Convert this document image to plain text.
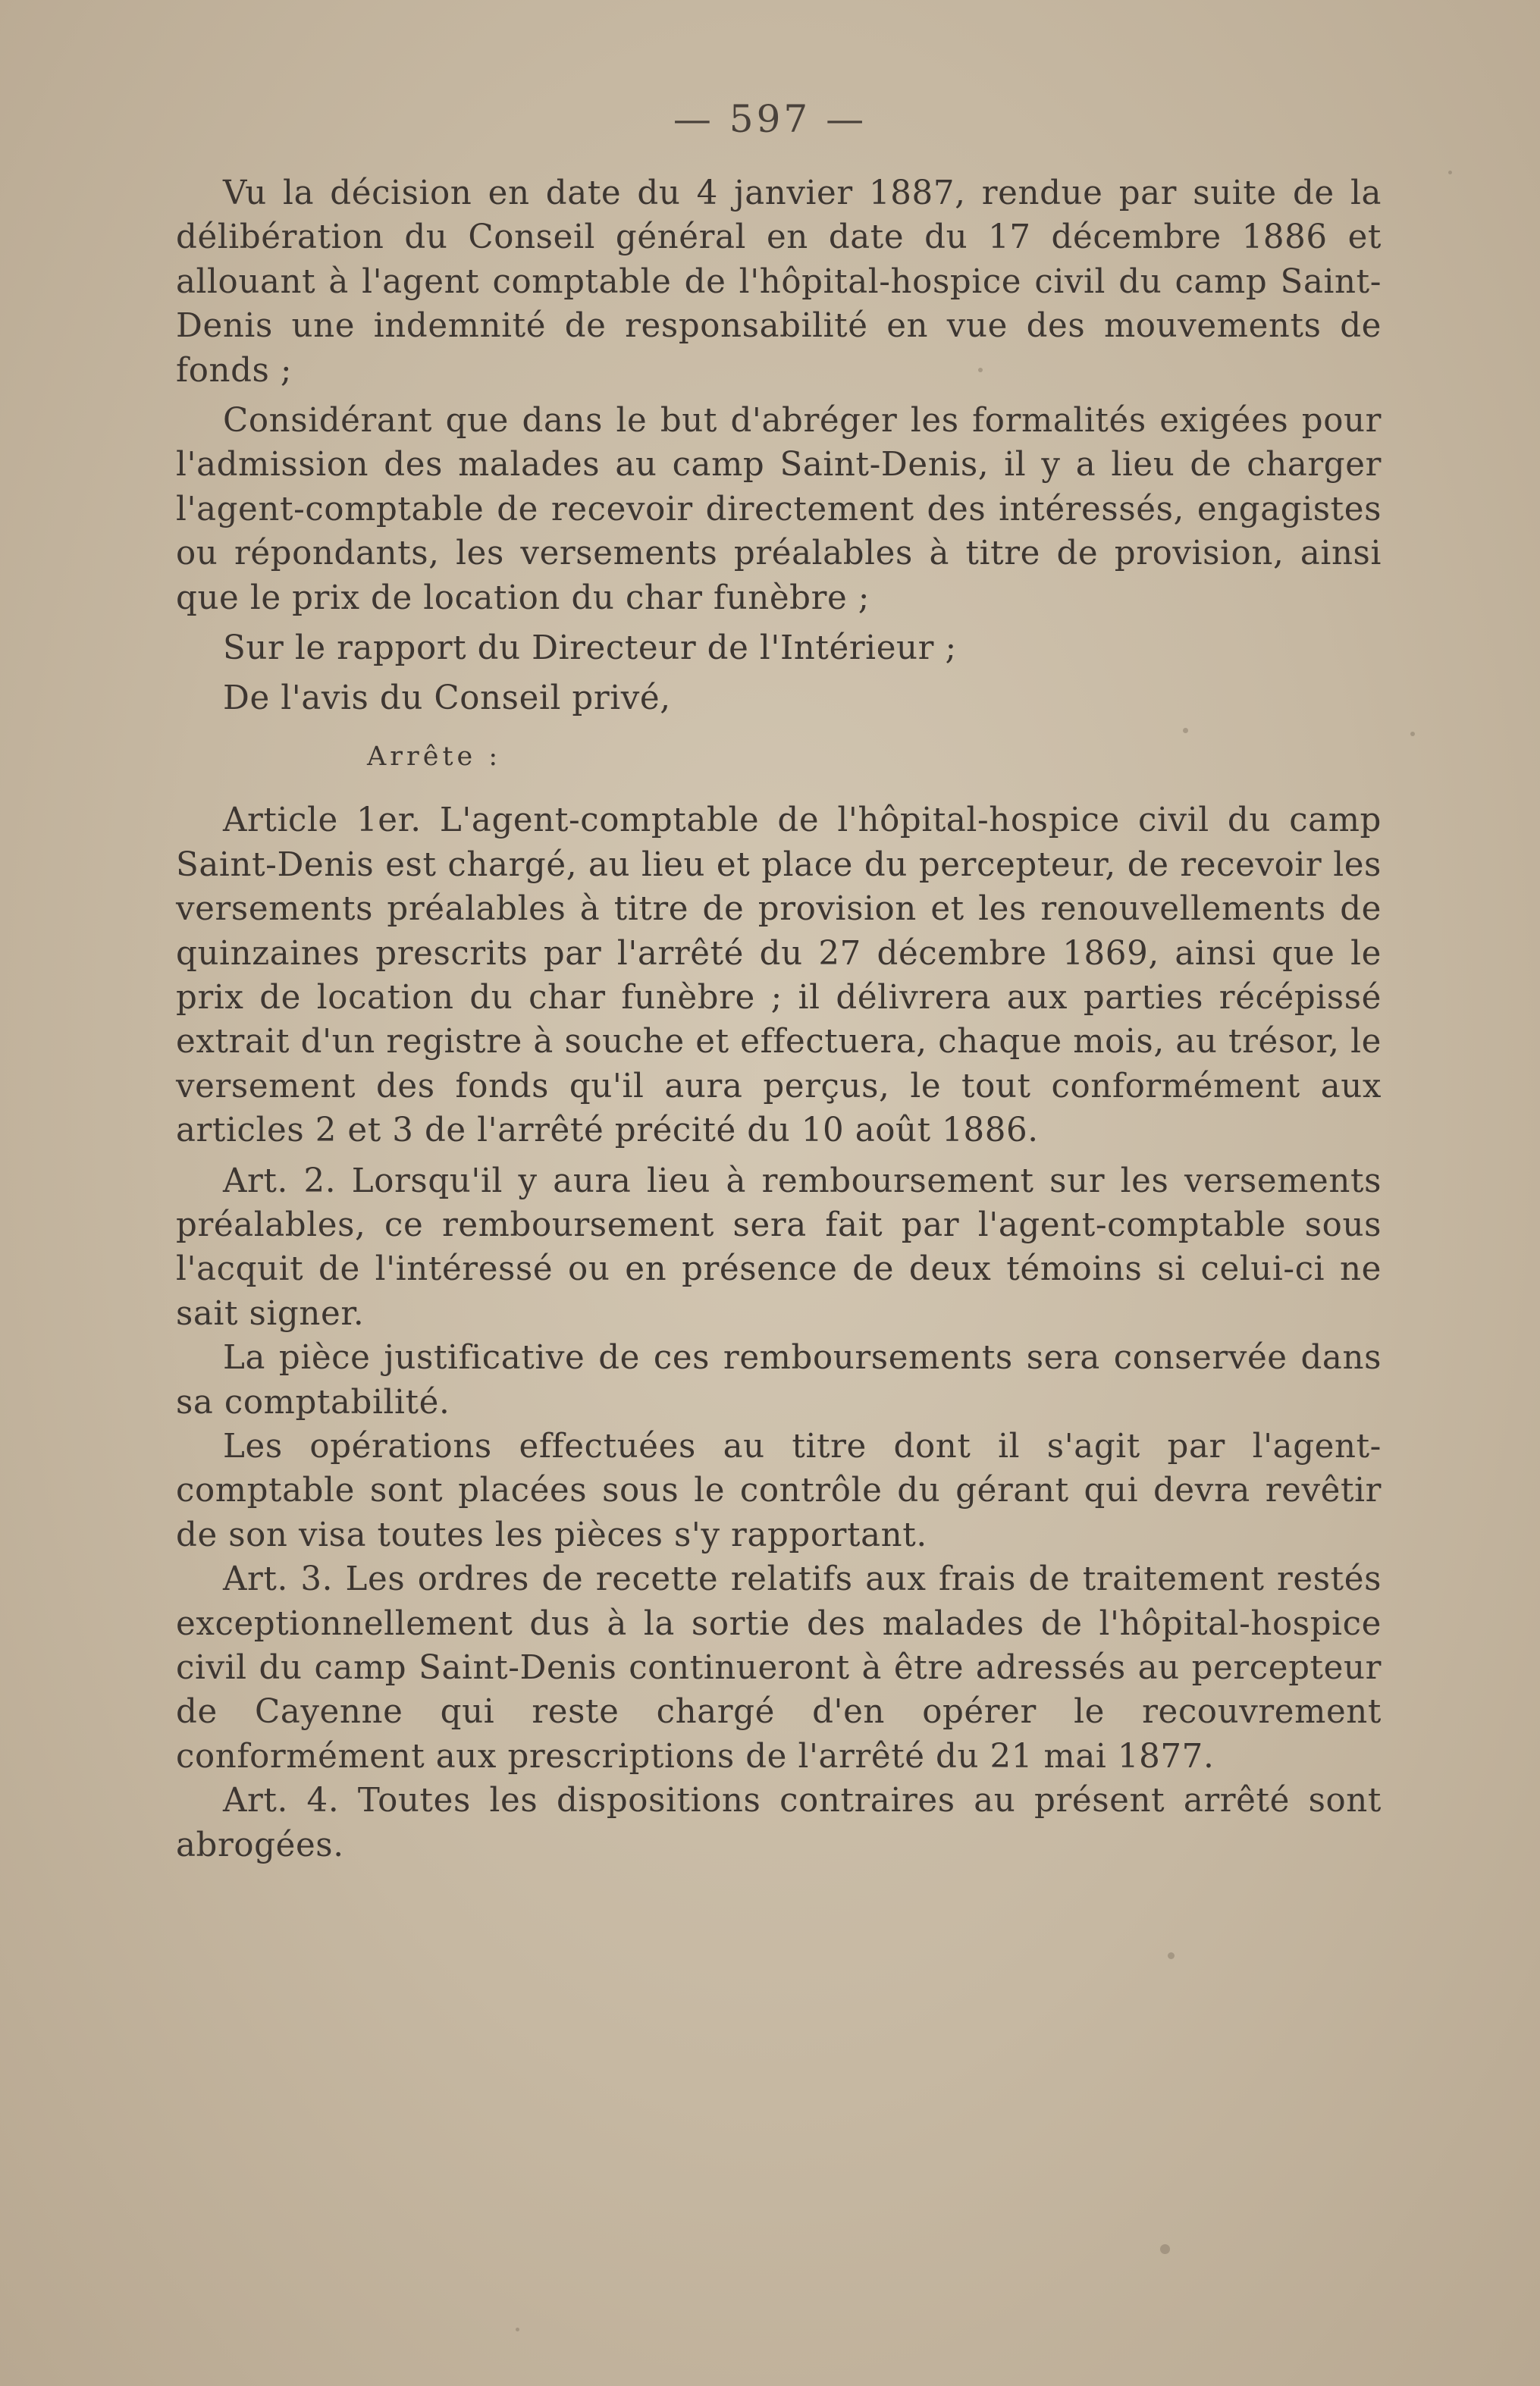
— 597 —

Vu la décision en date du 4 janvier 1887, rendue par suite de la délibération du Conseil général en date du 17 décembre 1886 et allouant à l'agent comptable de l'hôpital-hospice civil du camp Saint-Denis une indemnité de responsabilité en vue des mouvements de fonds ;

Considérant que dans le but d'abréger les formalités exigées pour l'admission des malades au camp Saint-Denis, il y a lieu de charger l'agent-comptable de recevoir directement des intéressés, engagistes ou répondants, les versements préalables à titre de provision, ainsi que le prix de location du char funèbre ;

Sur le rapport du Directeur de l'Intérieur ;

De l'avis du Conseil privé,

Arrête :

Article 1er. L'agent-comptable de l'hôpital-hospice civil du camp Saint-Denis est chargé, au lieu et place du percepteur, de recevoir les versements préalables à titre de provision et les renouvellements de quinzaines prescrits par l'arrêté du 27 décembre 1869, ainsi que le prix de location du char funèbre ; il délivrera aux parties récépissé extrait d'un registre à souche et effectuera, chaque mois, au trésor, le versement des fonds qu'il aura perçus, le tout conformément aux articles 2 et 3 de l'arrêté précité du 10 août 1886.

Art. 2. Lorsqu'il y aura lieu à remboursement sur les versements préalables, ce remboursement sera fait par l'agent-comptable sous l'acquit de l'intéressé ou en présence de deux témoins si celui-ci ne sait signer.

La pièce justificative de ces remboursements sera conservée dans sa comptabilité.

Les opérations effectuées au titre dont il s'agit par l'agent-comptable sont placées sous le contrôle du gérant qui devra revêtir de son visa toutes les pièces s'y rapportant.

Art. 3. Les ordres de recette relatifs aux frais de traitement restés exceptionnellement dus à la sortie des malades de l'hôpital-hospice civil du camp Saint-Denis continueront à être adressés au percepteur de Cayenne qui reste chargé d'en opérer le recouvrement conformément aux prescriptions de l'arrêté du 21 mai 1877.

Art. 4. Toutes les dispositions contraires au présent arrêté sont abrogées.
